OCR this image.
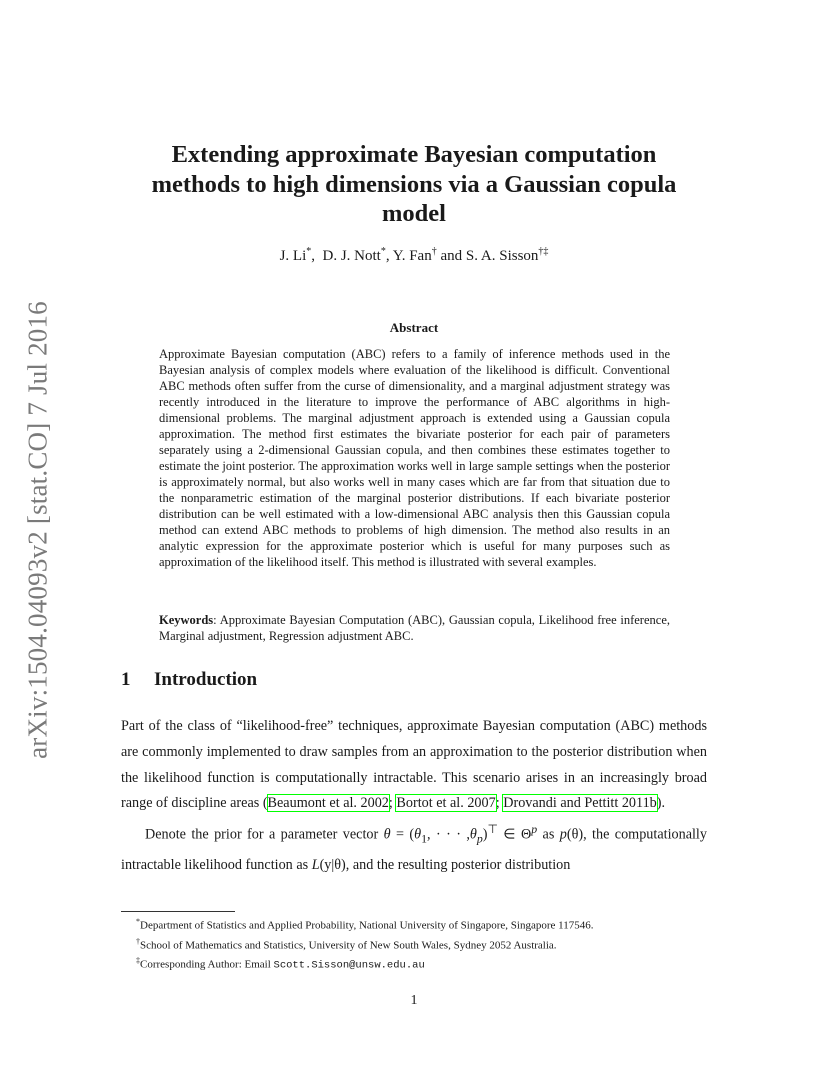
arXiv:1504.04093v2 [stat.CO] 7 Jul 2016
Extending approximate Bayesian computation
methods to high dimensions via a Gaussian copula
model
J. Li*,  D. J. Nott*, Y. Fan† and S. A. Sisson†‡
Abstract
Approximate Bayesian computation (ABC) refers to a family of inference methods used in the Bayesian analysis of complex models where evaluation of the likelihood is difficult. Conventional ABC methods often suffer from the curse of dimensionality, and a marginal adjustment strategy was recently introduced in the literature to improve the performance of ABC algorithms in high-dimensional problems. The marginal adjustment approach is extended using a Gaussian copula approximation. The method first estimates the bivariate posterior for each pair of parameters separately using a 2-dimensional Gaussian copula, and then combines these estimates together to estimate the joint posterior. The approximation works well in large sample settings when the posterior is approximately normal, but also works well in many cases which are far from that situation due to the nonparametric estimation of the marginal posterior distributions. If each bivariate posterior distribution can be well estimated with a low-dimensional ABC analysis then this Gaussian copula method can extend ABC methods to problems of high dimension. The method also results in an analytic expression for the approximate posterior which is useful for many purposes such as approximation of the likelihood itself. This method is illustrated with several examples.
Keywords: Approximate Bayesian Computation (ABC), Gaussian copula, Likelihood free inference, Marginal adjustment, Regression adjustment ABC.
1 Introduction

Part of the class of “likelihood-free” techniques, approximate Bayesian computation (ABC) methods are commonly implemented to draw samples from an approximation to the posterior distribution when the likelihood function is computationally intractable. This scenario arises in an increasingly broad range of discipline areas (Beaumont et al. 2002; Bortot et al. 2007; Drovandi and Pettitt 2011b).

Denote the prior for a parameter vector $\theta = (\theta_1$, · · · $,\theta_p)^⊤$ ∈ $\Theta^p$ as p(θ), the computationally intractable likelihood function as L(y|θ), and the resulting posterior distribution

*Department of Statistics and Applied Probability, National University of Singapore, Singapore 117546.
†School of Mathematics and Statistics, University of New South Wales, Sydney 2052 Australia.
‡Corresponding Author: Email Scott.Sisson@unsw.edu.au
1
